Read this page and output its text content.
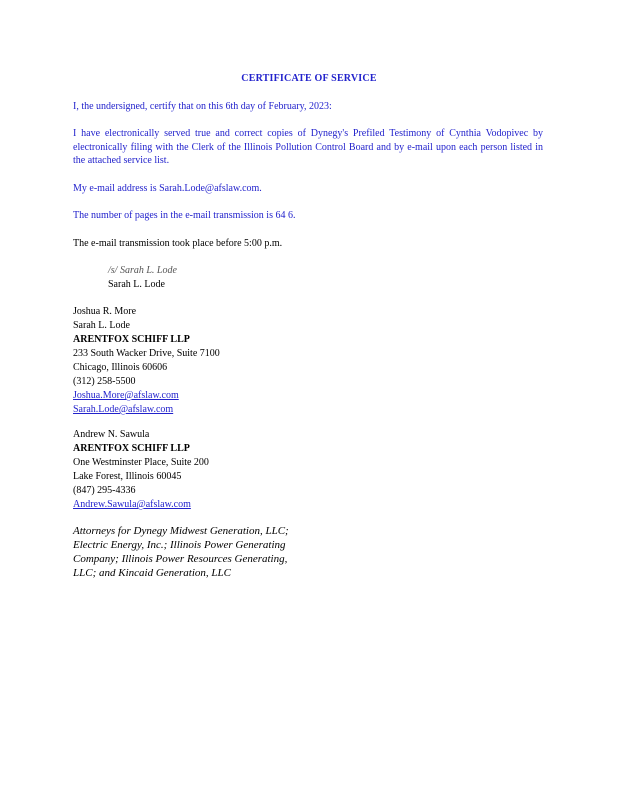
CERTIFICATE OF SERVICE
I, the undersigned, certify that on this 6th day of February, 2023:
I have electronically served true and correct copies of Dynegy's Prefiled Testimony of Cynthia Vodopivec by electronically filing with the Clerk of the Illinois Pollution Control Board and by e-mail upon each person listed in the attached service list.
My e-mail address is Sarah.Lode@afslaw.com.
The number of pages in the e-mail transmission is 64 6.
The e-mail transmission took place before 5:00 p.m.
/s/ Sarah L. Lode
Sarah L. Lode
Joshua R. More
Sarah L. Lode
ARENTFOX SCHIFF LLP
233 South Wacker Drive, Suite 7100
Chicago, Illinois 60606
(312) 258-5500
Joshua.More@afslaw.com
Sarah.Lode@afslaw.com
Andrew N. Sawula
ARENTFOX SCHIFF LLP
One Westminster Place, Suite 200
Lake Forest, Illinois 60045
(847) 295-4336
Andrew.Sawula@afslaw.com
Attorneys for Dynegy Midwest Generation, LLC; Electric Energy, Inc.; Illinois Power Generating Company; Illinois Power Resources Generating, LLC; and Kincaid Generation, LLC
